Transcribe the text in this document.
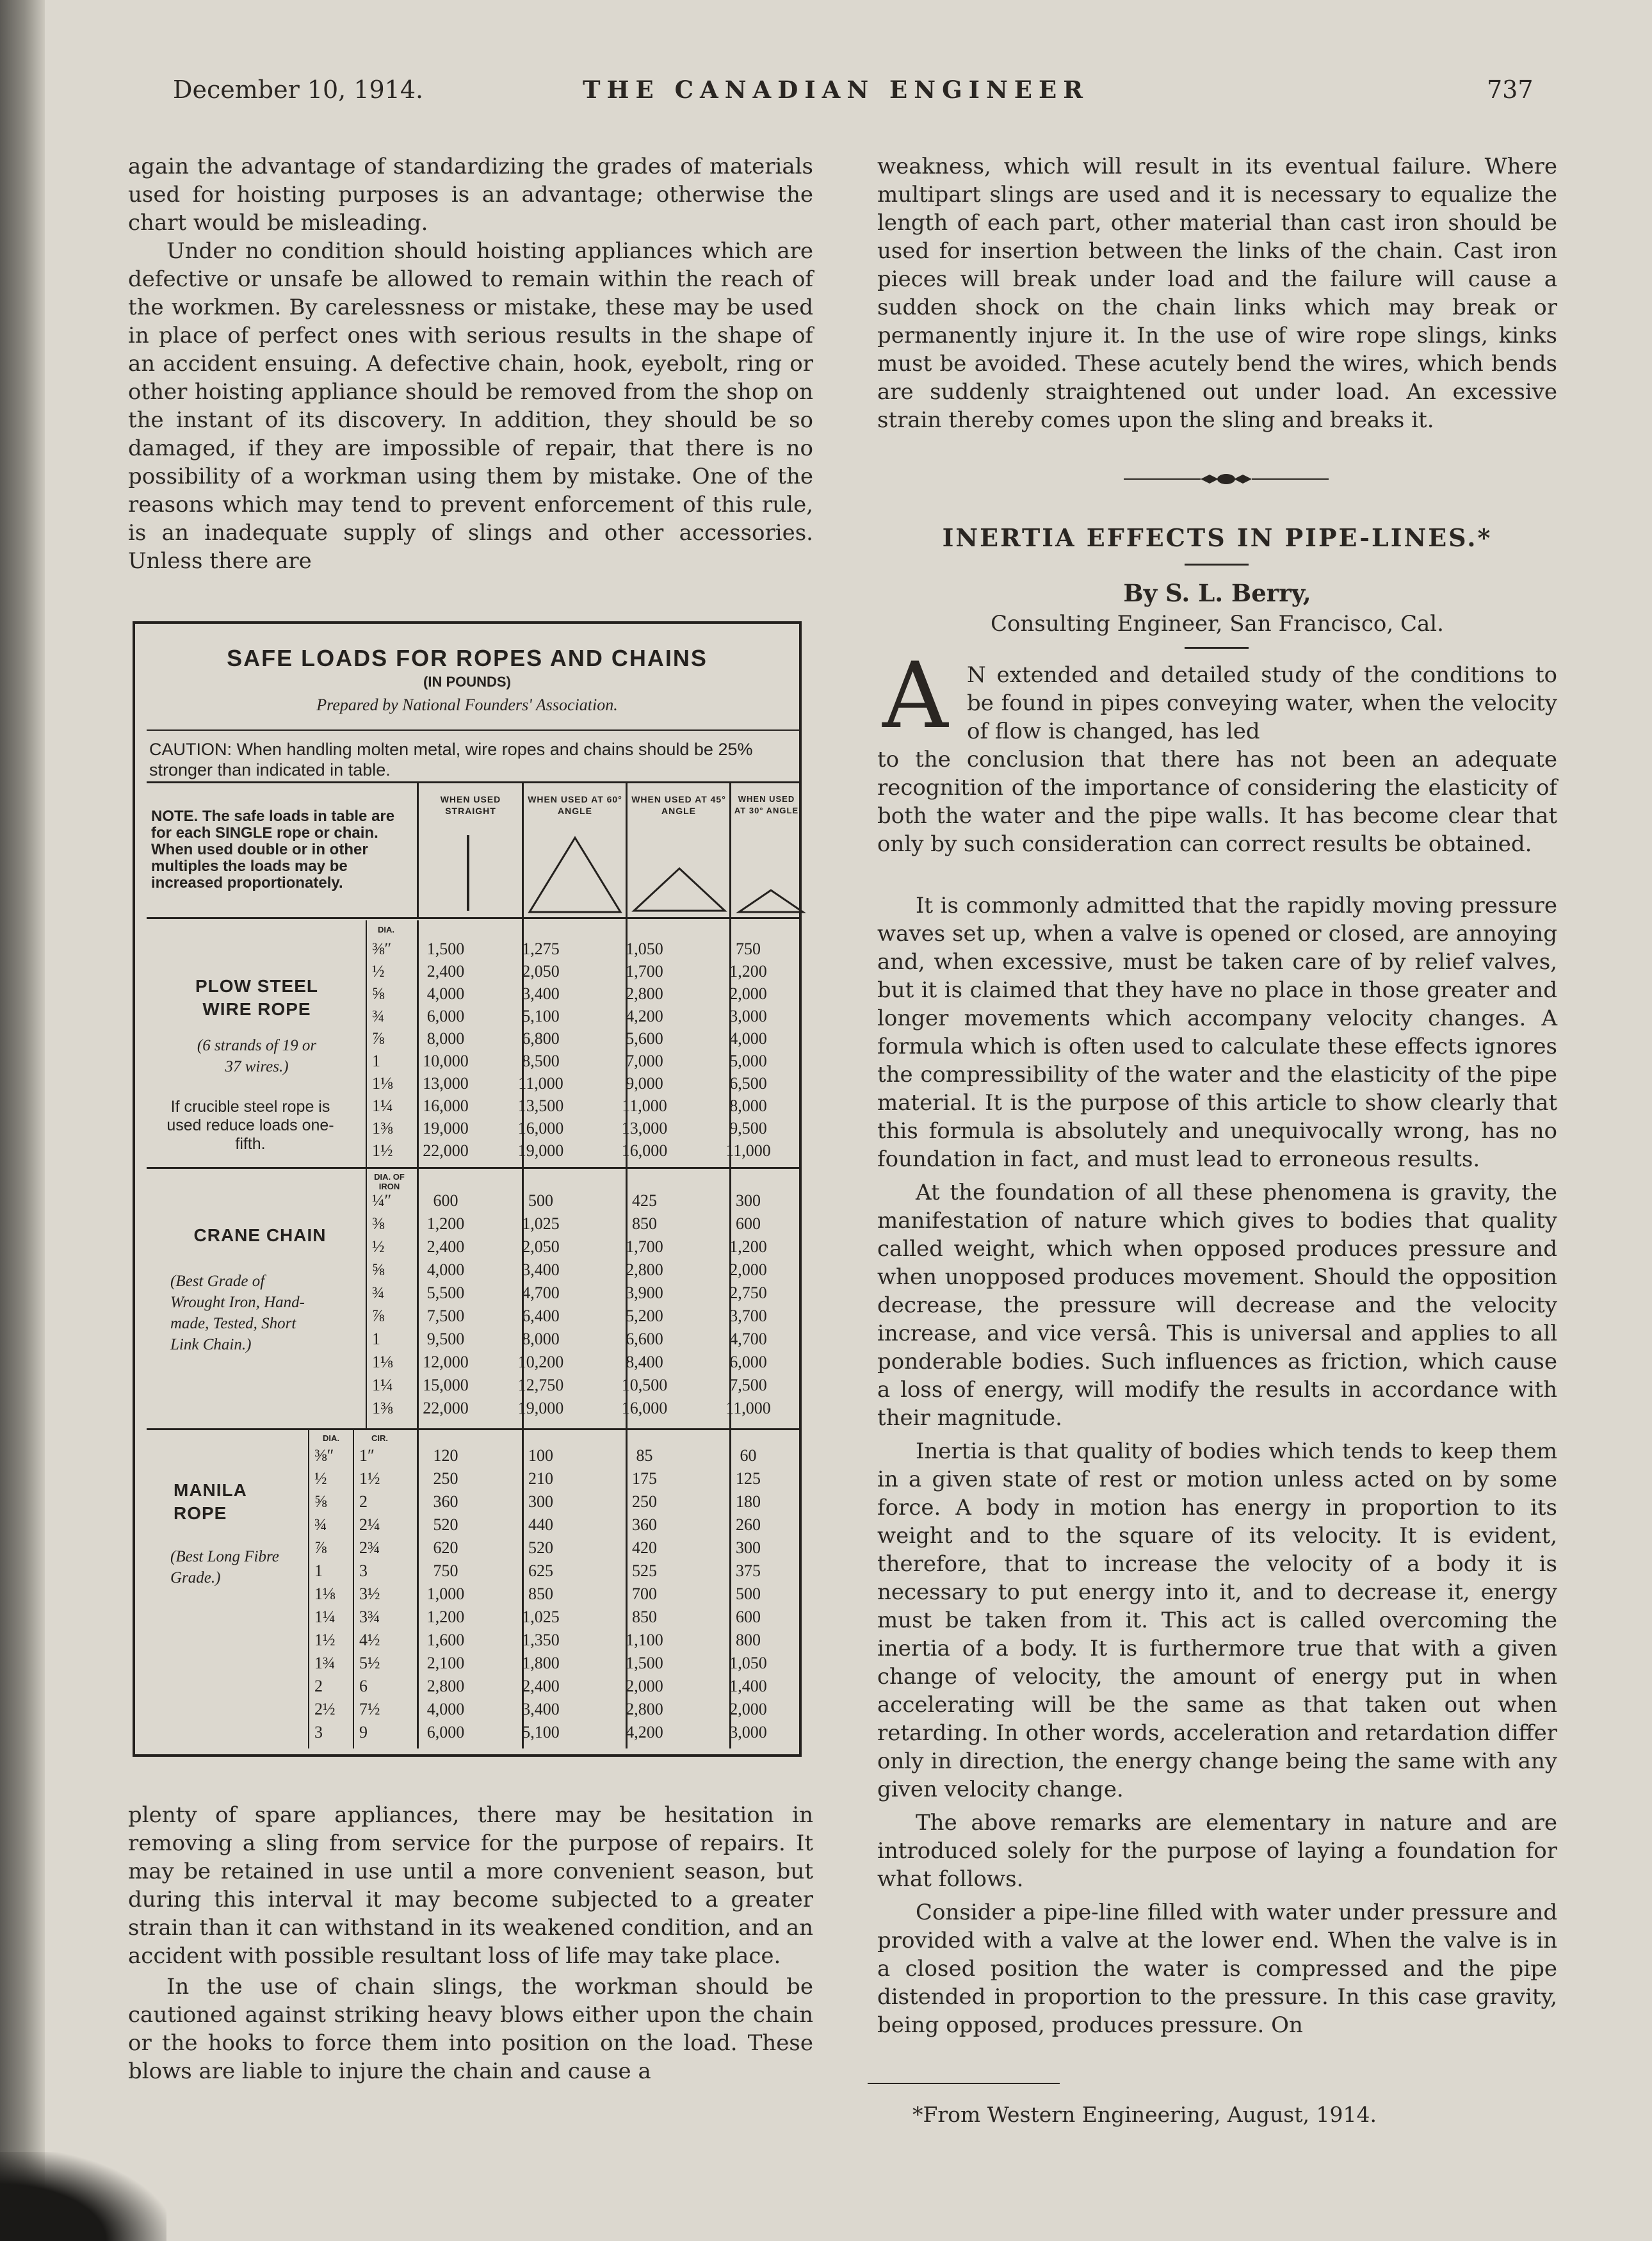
December 10, 1914.	THE CANADIAN ENGINEER	737

again the advantage of standardizing the grades of materials used for hoisting purposes is an advantage; otherwise the chart would be misleading.

Under no condition should hoisting appliances which are defective or unsafe be allowed to remain within the reach of the workmen. By carelessness or mistake, these may be used in place of perfect ones with serious results in the shape of an accident ensuing. A defective chain, hook, eyebolt, ring or other hoisting appliance should be removed from the shop on the instant of its discovery. In addition, they should be so damaged, if they are impossible of repair, that there is no possibility of a workman using them by mistake. One of the reasons which may tend to prevent enforcement of this rule, is an inadequate supply of slings and other accessories. Unless there are

SAFE LOADS FOR ROPES AND CHAINS
(IN POUNDS)
Prepared by National Founders' Association.
CAUTION: When handling molten metal, wire ropes and chains should be 25% stronger than indicated in table.
WHEN USED STRAIGHT
WHEN USED AT 60° ANGLE
WHEN USED AT 45° ANGLE
WHEN USED AT 30° ANGLE
NOTE. The safe loads in table are for each SINGLE rope or chain. When used double or in other multiples the loads may be increased proportionately.
DIA.
PLOW STEEL WIRE ROPE
(6 strands of 19 or 37 wires.)
If crucible steel rope is used reduce loads one-fifth.
⅜″	1,500	1,275	1,050	750
½	2,400	2,050	1,700	1,200
⅝	4,000	3,400	2,800	2,000
¾	6,000	5,100	4,200	3,000
⅞	8,000	6,800	5,600	4,000
1	10,000	8,500	7,000	5,000
1⅛	13,000	11,000	9,000	6,500
1¼	16,000	13,500	11,000	8,000
1⅜	19,000	16,000	13,000	9,500
1½	22,000	19,000	16,000	11,000
DIA. OF IRON
CRANE CHAIN
(Best Grade of Wrought Iron, Hand-made, Tested, Short Link Chain.)
¼″	600	500	425	300
⅜	1,200	1,025	850	600
½	2,400	2,050	1,700	1,200
⅝	4,000	3,400	2,800	2,000
¾	5,500	4,700	3,900	2,750
⅞	7,500	6,400	5,200	3,700
1	9,500	8,000	6,600	4,700
1⅛	12,000	10,200	8,400	6,000
1¼	15,000	12,750	10,500	7,500
1⅜	22,000	19,000	16,000	11,000
DIA.	CIR.
MANILA ROPE
(Best Long Fibre Grade.)
⅜″	1″	120	100	85	60
½	1½	250	210	175	125
⅝	2	360	300	250	180
¾	2¼	520	440	360	260
⅞	2¾	620	520	420	300
1	3	750	625	525	375
1⅛	3½	1,000	850	700	500
1¼	3¾	1,200	1,025	850	600
1½	4½	1,600	1,350	1,100	800
1¾	5½	2,100	1,800	1,500	1,050
2	6	2,800	2,400	2,000	1,400
2½	7½	4,000	3,400	2,800	2,000
3	9	6,000	5,100	4,200	3,000

plenty of spare appliances, there may be hesitation in removing a sling from service for the purpose of repairs. It may be retained in use until a more convenient season, but during this interval it may become subjected to a greater strain than it can withstand in its weakened condition, and an accident with possible resultant loss of life may take place.

In the use of chain slings, the workman should be cautioned against striking heavy blows either upon the chain or the hooks to force them into position on the load. These blows are liable to injure the chain and cause a

weakness, which will result in its eventual failure. Where multipart slings are used and it is necessary to equalize the length of each part, other material than cast iron should be used for insertion between the links of the chain. Cast iron pieces will break under load and the failure will cause a sudden shock on the chain links which may break or permanently injure it. In the use of wire rope slings, kinks must be avoided. These acutely bend the wires, which bends are suddenly straightened out under load. An excessive strain thereby comes upon the sling and breaks it.

INERTIA EFFECTS IN PIPE-LINES.*
By S. L. Berry,
Consulting Engineer, San Francisco, Cal.
A N extended and detailed study of the conditions to be found in pipes conveying water, when the velocity of flow is changed, has led

to the conclusion that there has not been an adequate recognition of the importance of considering the elasticity of both the water and the pipe walls. It has become clear that only by such consideration can correct results be obtained.

It is commonly admitted that the rapidly moving pressure waves set up, when a valve is opened or closed, are annoying and, when excessive, must be taken care of by relief valves, but it is claimed that they have no place in those greater and longer movements which accompany velocity changes. A formula which is often used to calculate these effects ignores the compressibility of the water and the elasticity of the pipe material. It is the purpose of this article to show clearly that this formula is absolutely and unequivocally wrong, has no foundation in fact, and must lead to erroneous results.

At the foundation of all these phenomena is gravity, the manifestation of nature which gives to bodies that quality called weight, which when opposed produces pressure and when unopposed produces movement. Should the opposition decrease, the pressure will decrease and the velocity increase, and vice versâ. This is universal and applies to all ponderable bodies. Such influences as friction, which cause a loss of energy, will modify the results in accordance with their magnitude.

Inertia is that quality of bodies which tends to keep them in a given state of rest or motion unless acted on by some force. A body in motion has energy in proportion to its weight and to the square of its velocity. It is evident, therefore, that to increase the velocity of a body it is necessary to put energy into it, and to decrease it, energy must be taken from it. This act is called overcoming the inertia of a body. It is furthermore true that with a given change of velocity, the amount of energy put in when accelerating will be the same as that taken out when retarding. In other words, acceleration and retardation differ only in direction, the energy change being the same with any given velocity change.

The above remarks are elementary in nature and are introduced solely for the purpose of laying a foundation for what follows.

Consider a pipe-line filled with water under pressure and provided with a valve at the lower end. When the valve is in a closed position the water is compressed and the pipe distended in proportion to the pressure. In this case gravity, being opposed, produces pressure. On

*From Western Engineering, August, 1914.
